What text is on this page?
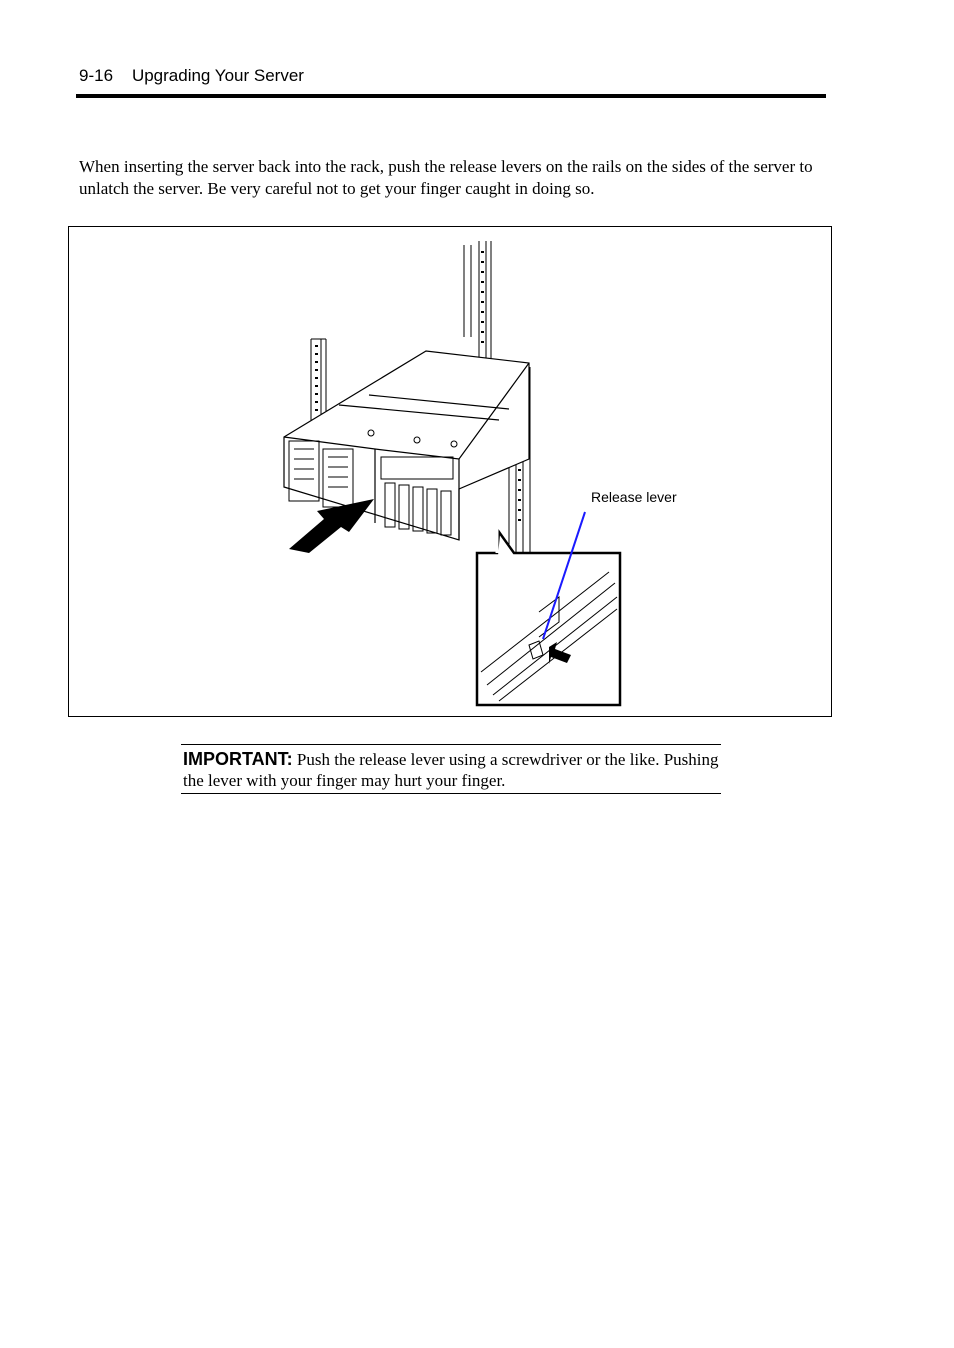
9-16 Upgrading Your Server

When inserting the server back into the rack, push the release levers on the rails on the sides of the server to unlatch the server. Be very careful not to get your finger caught in doing so.

Release lever
IMPORTANT: Push the release lever using a screwdriver or the like. Pushing the lever with your finger may hurt your finger.
